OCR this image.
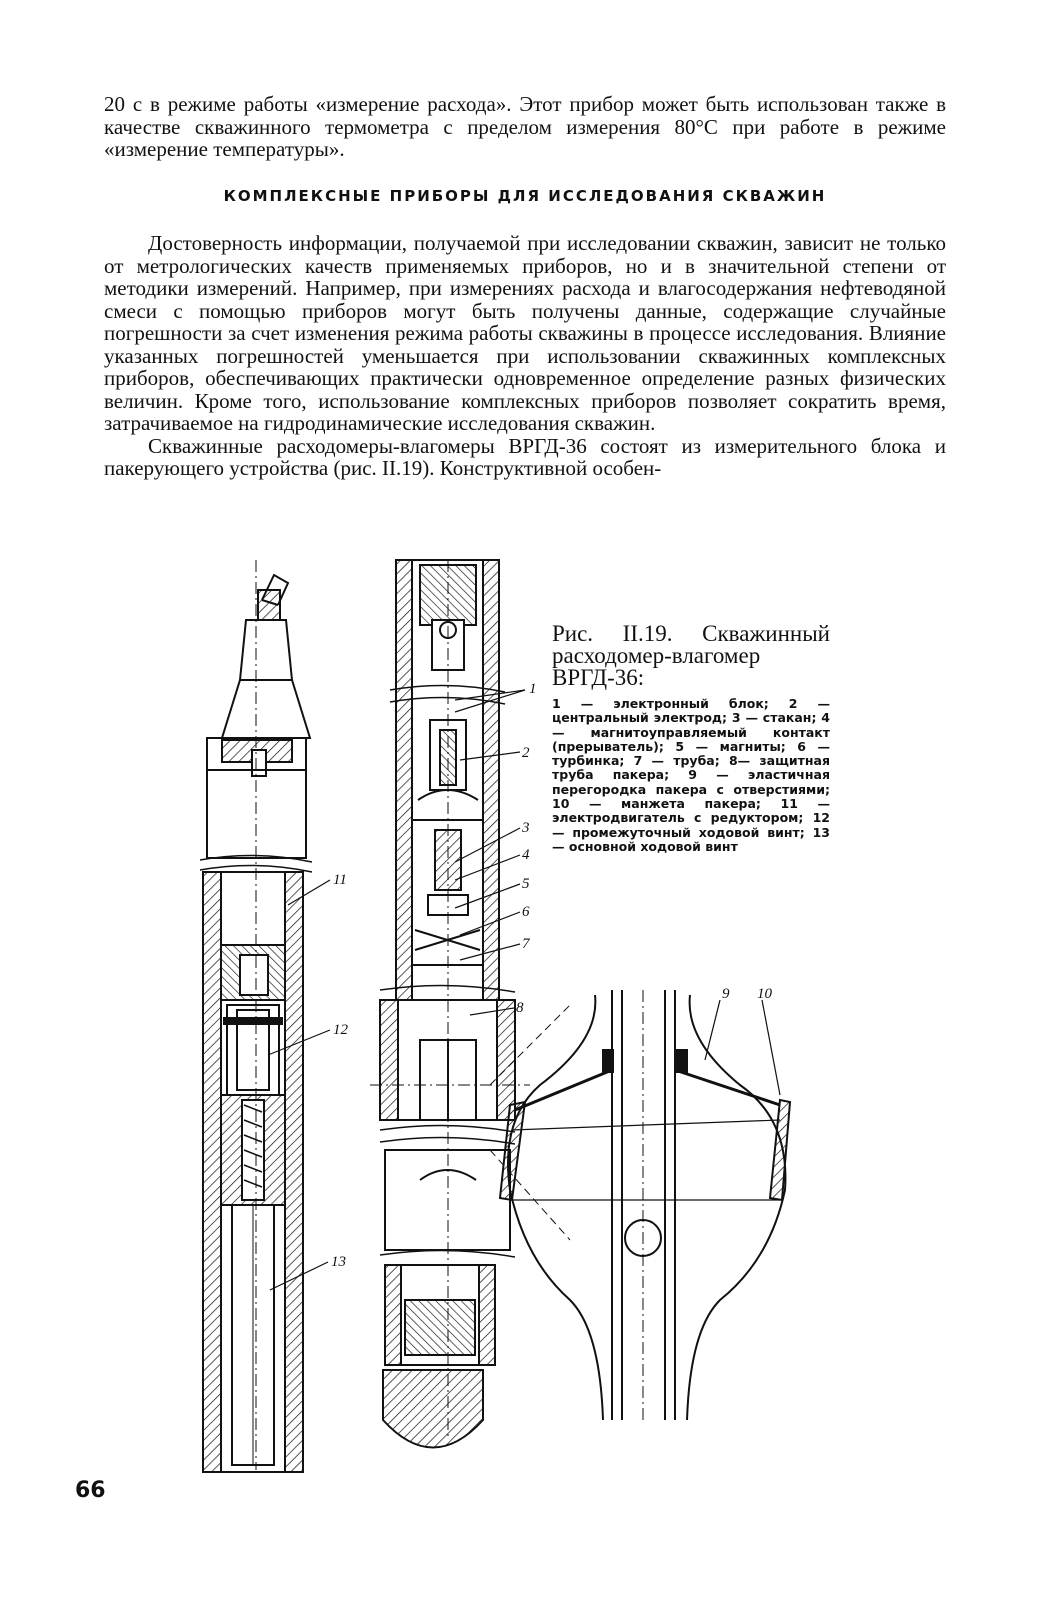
20 с в режиме работы «измерение расхода». Этот прибор может быть использован также в качестве скважинного термометра с пределом измерения 80°С при работе в режиме «измерение температуры».

КОМПЛЕКСНЫЕ ПРИБОРЫ ДЛЯ ИССЛЕДОВАНИЯ СКВАЖИН

Достоверность информации, получаемой при исследовании скважин, зависит не только от метрологических качеств применяемых приборов, но и в значительной степени от методики измерений. Например, при измерениях расхода и влагосодержания нефтеводяной смеси с помощью приборов могут быть получены данные, содержащие случайные погрешности за счет изменения режима работы скважины в процессе исследования. Влияние указанных погрешностей уменьшается при использовании скважинных комплексных приборов, обеспечивающих практически одновременное определение разных физических величин. Кроме того, использование комплексных приборов позволяет сократить время, затрачиваемое на гидродинамические исследования скважин.

Скважинные расходомеры-влагомеры ВРГД-36 состоят из измерительного блока и пакерующего устройства (рис. II.19). Конструктивной особен-

1
2
3
4
5
6
7
8
9 10
11
12
13

Рис. II.19. Скважинный расходомер-влагомер ВРГД-36:

1 — электронный блок; 2 — центральный электрод; 3 — стакан; 4 — магнитоуправляемый контакт (прерыватель); 5 — магниты; 6 — турбинка; 7 — труба; 8— защитная труба пакера; 9 — эластичная перегородка пакера с отверстиями; 10 — манжета пакера; 11 — электродвигатель с редуктором; 12 — промежуточный ходовой винт; 13 — основной ходовой винт

66
